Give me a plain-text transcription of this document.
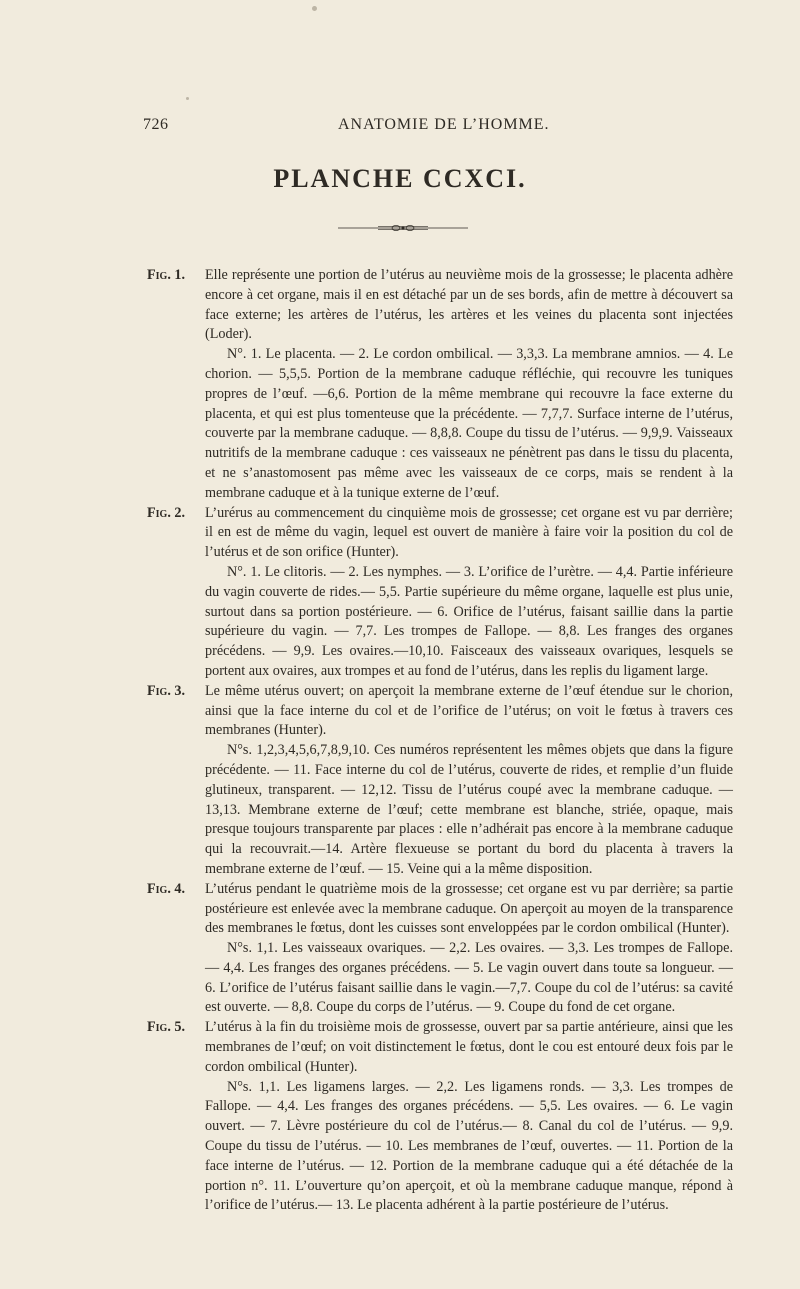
726	ANATOMIE DE L’HOMME.
PLANCHE CCXCI.
Fig. 1. Elle représente une portion de l’utérus au neuvième mois de la grossesse; le placenta adhère encore à cet organe, mais il en est détaché par un de ses bords, afin de mettre à découvert sa face externe; les artères de l’utérus, les artères et les veines du placenta sont injectées (Loder).
N°. 1. Le placenta. — 2. Le cordon ombilical. — 3,3,3. La membrane amnios. — 4. Le chorion. — 5,5,5. Portion de la membrane caduque réfléchie, qui recouvre les tuniques propres de l’œuf. —6,6. Portion de la même membrane qui recouvre la face externe du placenta, et qui est plus tomenteuse que la précédente. — 7,7,7. Surface interne de l’utérus, couverte par la membrane caduque. — 8,8,8. Coupe du tissu de l’utérus. — 9,9,9. Vaisseaux nutritifs de la membrane caduque : ces vaisseaux ne pénètrent pas dans le tissu du placenta, et ne s’anastomosent pas même avec les vaisseaux de ce corps, mais se rendent à la membrane caduque et à la tunique externe de l’œuf.
Fig. 2. L’urérus au commencement du cinquième mois de grossesse; cet organe est vu par derrière; il en est de même du vagin, lequel est ouvert de manière à faire voir la position du col de l’utérus et de son orifice (Hunter).
N°. 1. Le clitoris. — 2. Les nymphes. — 3. L’orifice de l’urètre. — 4,4. Partie inférieure du vagin couverte de rides.— 5,5. Partie supérieure du même organe, laquelle est plus unie, surtout dans sa portion postérieure. — 6. Orifice de l’utérus, faisant saillie dans la partie supérieure du vagin. — 7,7. Les trompes de Fallope. — 8,8. Les franges des organes précédens. — 9,9. Les ovaires.—10,10. Faisceaux des vaisseaux ovariques, lesquels se portent aux ovaires, aux trompes et au fond de l’utérus, dans les replis du ligament large.
Fig. 3. Le même utérus ouvert; on aperçoit la membrane externe de l’œuf étendue sur le chorion, ainsi que la face interne du col et de l’orifice de l’utérus; on voit le fœtus à travers ces membranes (Hunter).
N°s. 1,2,3,4,5,6,7,8,9,10. Ces numéros représentent les mêmes objets que dans la figure précédente. — 11. Face interne du col de l’utérus, couverte de rides, et remplie d’un fluide glutineux, transparent. — 12,12. Tissu de l’utérus coupé avec la membrane caduque. — 13,13. Membrane externe de l’œuf; cette membrane est blanche, striée, opaque, mais presque toujours transparente par places : elle n’adhérait pas encore à la membrane caduque qui la recouvrait.—14. Artère flexueuse se portant du bord du placenta à travers la membrane externe de l’œuf. — 15. Veine qui a la même disposition.
Fig. 4. L’utérus pendant le quatrième mois de la grossesse; cet organe est vu par derrière; sa partie postérieure est enlevée avec la membrane caduque. On aperçoit au moyen de la transparence des membranes le fœtus, dont les cuisses sont enveloppées par le cordon ombilical (Hunter).
N°s. 1,1. Les vaisseaux ovariques. — 2,2. Les ovaires. — 3,3. Les trompes de Fallope. — 4,4. Les franges des organes précédens. — 5. Le vagin ouvert dans toute sa longueur. — 6. L’orifice de l’utérus faisant saillie dans le vagin.—7,7. Coupe du col de l’utérus: sa cavité est ouverte. — 8,8. Coupe du corps de l’utérus. — 9. Coupe du fond de cet organe.
Fig. 5. L’utérus à la fin du troisième mois de grossesse, ouvert par sa partie antérieure, ainsi que les membranes de l’œuf; on voit distinctement le fœtus, dont le cou est entouré deux fois par le cordon ombilical (Hunter).
N°s. 1,1. Les ligamens larges. — 2,2. Les ligamens ronds. — 3,3. Les trompes de Fallope. — 4,4. Les franges des organes précédens. — 5,5. Les ovaires. — 6. Le vagin ouvert. — 7. Lèvre postérieure du col de l’utérus.— 8. Canal du col de l’utérus. — 9,9. Coupe du tissu de l’utérus. — 10. Les membranes de l’œuf, ouvertes. — 11. Portion de la face interne de l’utérus. — 12. Portion de la membrane caduque qui a été détachée de la portion n°. 11. L’ouverture qu’on aperçoit, et où la membrane caduque manque, répond à l’orifice de l’utérus.— 13. Le placenta adhérent à la partie postérieure de l’utérus.
